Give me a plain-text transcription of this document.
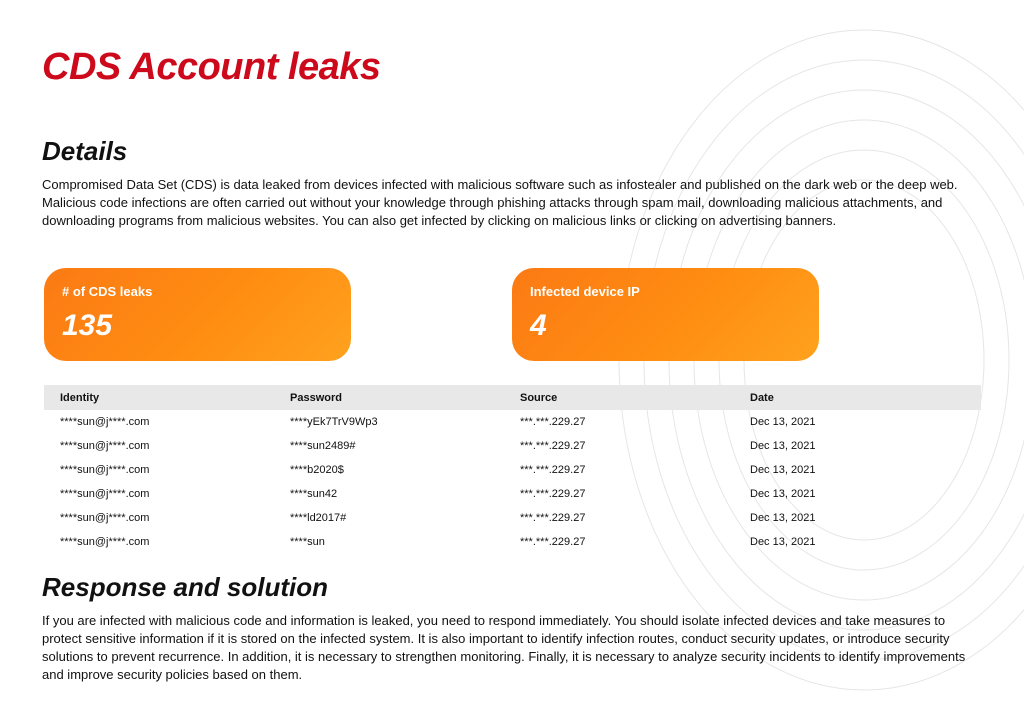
CDS Account leaks
Details

Compromised Data Set (CDS) is data leaked from devices infected with malicious software such as infostealer and published on the dark web or the deep web. Malicious code infections are often carried out without your knowledge through phishing attacks through spam mail, downloading malicious attachments, and downloading programs from malicious websites. You can also get infected by clicking on malicious links or clicking on advertising banners.

# of CDS leaks
135
Infected device IP
4
Identity	Password	Source	Date
****sun@j****.com	****yEk7TrV9Wp3	***.***.229.27	Dec 13, 2021
****sun@j****.com	****sun2489#	***.***.229.27	Dec 13, 2021
****sun@j****.com	****b2020$	***.***.229.27	Dec 13, 2021
****sun@j****.com	****sun42	***.***.229.27	Dec 13, 2021
****sun@j****.com	****ld2017#	***.***.229.27	Dec 13, 2021
****sun@j****.com	****sun	***.***.229.27	Dec 13, 2021
Response and solution

If you are infected with malicious code and information is leaked, you need to respond immediately. You should isolate infected devices and take measures to protect sensitive information if it is stored on the infected system. It is also important to identify infection routes, conduct security updates, or introduce security solutions to prevent recurrence. In addition, it is necessary to strengthen monitoring. Finally, it is necessary to analyze security incidents to identify improvements and improve security policies based on them.
